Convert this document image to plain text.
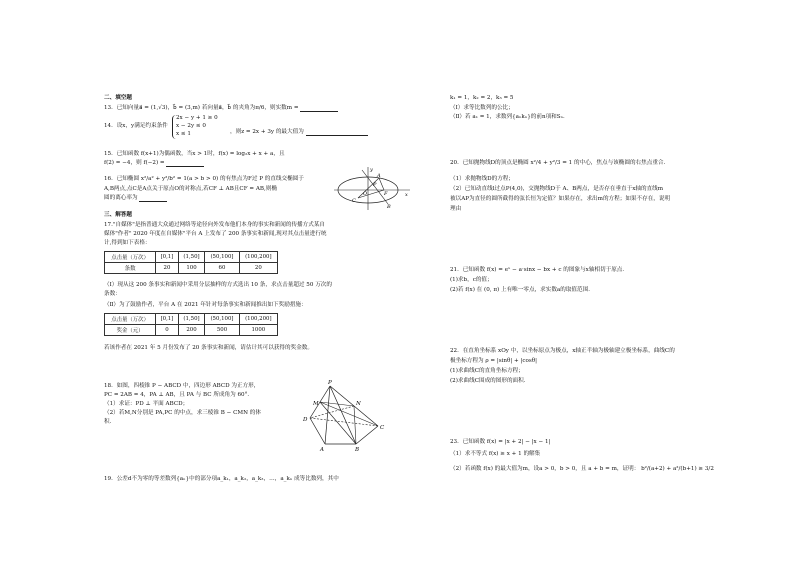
二、填空题
13．已知向量a⃗ = (1,√3)，b⃗ = (3,m) 若向量a⃗，b⃗ 的夹角为π/6，则实数m =
14．设x，y满足约束条件
2x − y + 1 ≥ 0
x − 2y ≤ 0
x ≤ 1	，则z = 2x + 3y 的最大值为
15．已知函数 f(x+1)为偶函数，当x > 1时，f(x) = log₂x + x + a，且
f(2) = −4，则 f(−2) =
16．已知椭圆 x²/a² + y²/b² = 1(a > b > 0) 的有焦点为F过 P 的直线交椭圆于
A,B两点,点C是A点关于原点O的对称点,若CF ⊥ AB且CF = AB,则椭
圆的离心率为
y
x
A
P
O	F
C
B
三、解答题
17."自媒体"是指普通大众通过网络等途径向外发布他们本身的事实和新闻的传播方式某自
媒体"作者" 2020 年度在自媒体"平台 A 上发布了 200 条事实和新闻,现对其点击量进行统
计,得到如下表格：
点击量（万次）	[0,1]	(1,50]	(50,100]	(100,200]
条数	20	100	60	20
（Ⅰ）现从这 200 条事实和新闻中采用分层抽样的方式选出 10 条，求点击量超过 50 万次的
条数：
（Ⅱ）为了鼓励作者，平台 A 在 2021 年针对每条事实和新闻推出如下奖励措施：
点击量（万次）	[0,1]	(1,50]	(50,100]	(100,200]
奖金（元）	0	200	500	1000
若该作者在 2021 年 5 月份发布了 20 条事实和新闻，请估计其可以获得的奖金数。
18．如图，四棱锥 P − ABCD 中，四边形 ABCD 为正方形，
PC = 2AB = 4，PA ⊥ AB，且 PA 与 BC 所成角为 60°．
（1）求证：PD ⊥ 平面 ABCD；
（2）若M,N分别是 PA,PC 的中点，求三棱锥 B − CMN 的体
积．
P
M	N
D
C
A	B
19．公差d不为零的等差数列{aₙ}中的部分项a_k₁，a_k₂，a_k₃，…，a_kₙ 成等比数列，其中
k₁ = 1，k₂ = 2，k₃ = 5
（Ⅰ）求等比数列的公比；
（Ⅱ）若 a₁ = 1，求数列{aₙkₙ}的前n项和Sₙ．
20．已知抛物线D的顶点是椭圆 x²/4 + y²/3 = 1 的中心，焦点与该椭圆的右焦点重合.
（1）求抛物线D的方程；
（2）已知动直线l过点P(4,0)，交抛物线D于 A、B两点，是否存在垂直于x轴的直线m
被以AP为直径的圆所截得的弦长恒为定值？如果存在，求出m的方程；如果不存在，说明
理由
21．已知函数 f(x) = eˣ − a·sinx − bx + c 的图象与x轴相切于原点．
(1)求b，c的值；
(2)若 f(x) 在 (0, π) 上有唯一零点，求实数a的取值范围．
22．在直角坐标系 xOy 中，以坐标原点为极点，x轴正半轴为极轴建立极坐标系，曲线C的
极坐标方程为 ρ = |sinθ| + |cosθ|
(1)求曲线C的直角坐标方程；
(2)求曲线C围成的图形的面积．
23．已知函数 f(x) = |x + 2| − |x − 1|
（1）求不等式 f(x) ≥ x + 1 的解集
（2）若函数 f(x) 的最大值为m，设a > 0，b > 0，且 a + b = m，证明： b²/(a+2) + a²/(b+1) ≥ 3/2
